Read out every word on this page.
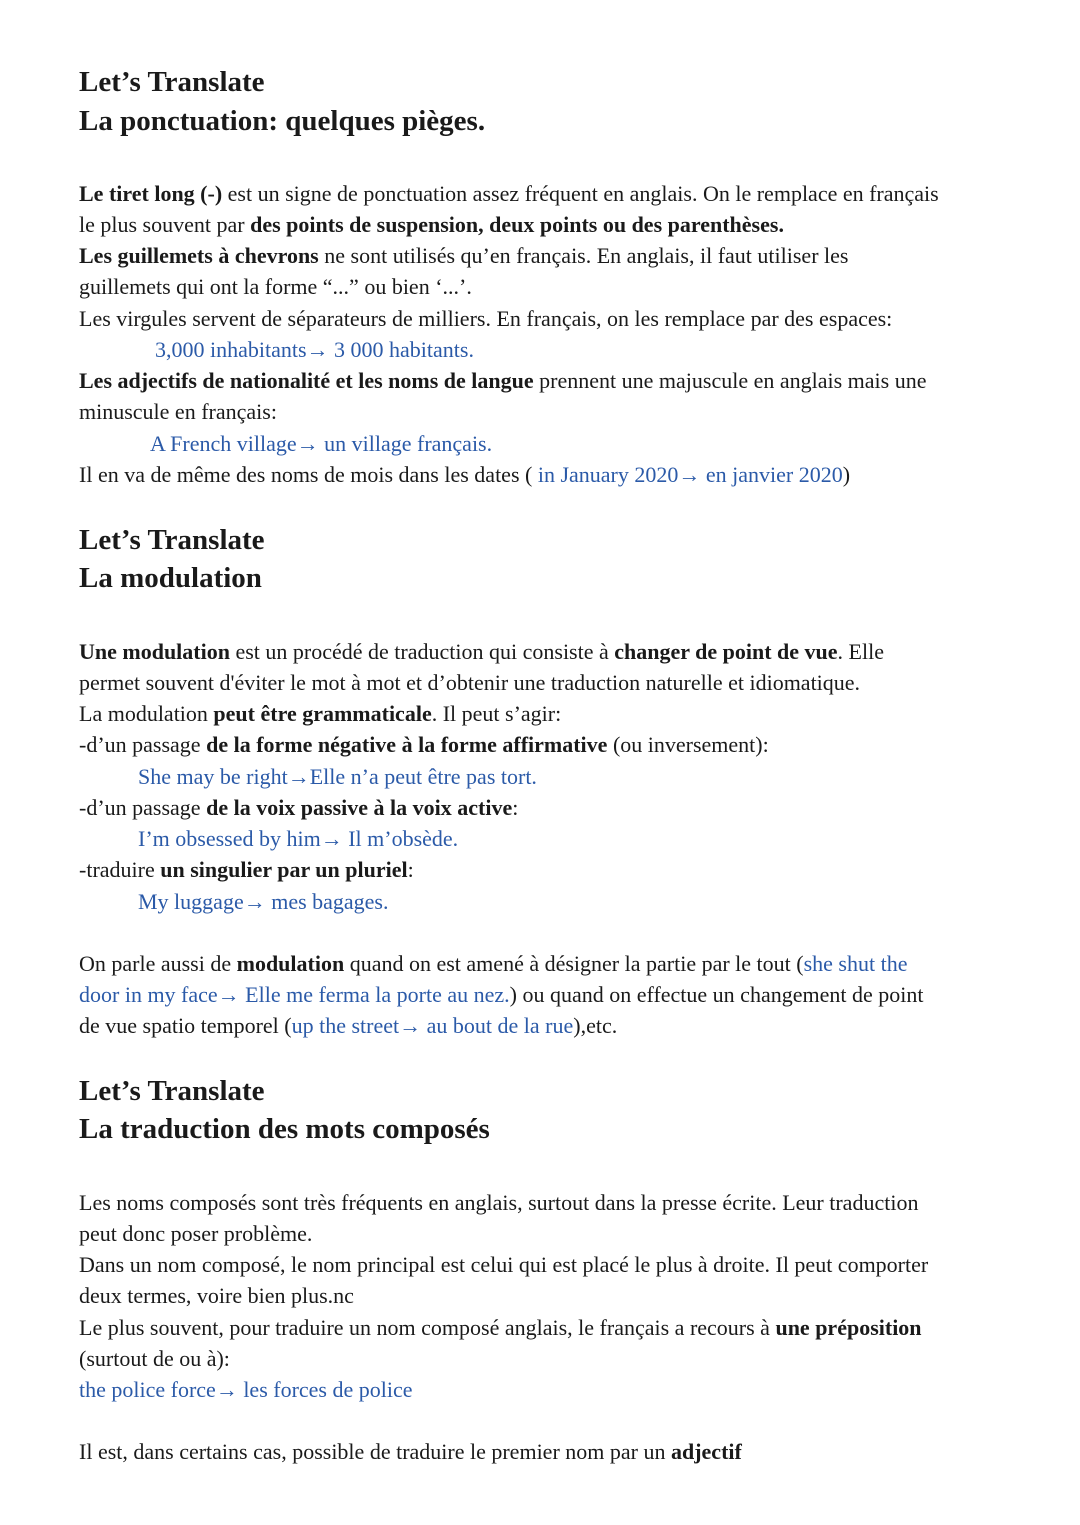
Let’s Translate
La ponctuation: quelques pièges.
Le tiret long (-) est un signe de ponctuation assez fréquent en anglais. On le remplace en français
le plus souvent par des points de suspension, deux points ou des parenthèses.
Les guillemets à chevrons ne sont utilisés qu’en français. En anglais, il faut utiliser les
guillemets qui ont la forme “...” ou bien ‘...’.
Les virgules servent de séparateurs de milliers. En français, on les remplace par des espaces:
3,000 inhabitants→ 3 000 habitants.
Les adjectifs de nationalité et les noms de langue prennent une majuscule en anglais mais une
minuscule en français:
A French village→ un village français.
Il en va de même des noms de mois dans les dates ( in January 2020→ en janvier 2020)
Let’s Translate
La modulation
Une modulation est un procédé de traduction qui consiste à changer de point de vue. Elle
permet souvent d'éviter le mot à mot et d’obtenir une traduction naturelle et idiomatique.
La modulation peut être grammaticale. Il peut s’agir:
-d’un passage de la forme négative à la forme affirmative (ou inversement):
She may be right→Elle n’a peut être pas tort.
-d’un passage de la voix passive à la voix active:
I’m obsessed by him→ Il m’obsède.
-traduire un singulier par un pluriel:
My luggage→ mes bagages.
On parle aussi de modulation quand on est amené à désigner la partie par le tout (she shut the
door in my face→ Elle me ferma la porte au nez.) ou quand on effectue un changement de point
de vue spatio temporel (up the street→ au bout de la rue),etc.
Let’s Translate
La traduction des mots composés
Les noms composés sont très fréquents en anglais, surtout dans la presse écrite. Leur traduction
peut donc poser problème.
Dans un nom composé, le nom principal est celui qui est placé le plus à droite. Il peut comporter
deux termes, voire bien plus.nc
Le plus souvent, pour traduire un nom composé anglais, le français a recours à une préposition
(surtout de ou à):
the police force→ les forces de police
Il est, dans certains cas, possible de traduire le premier nom par un adjectif
